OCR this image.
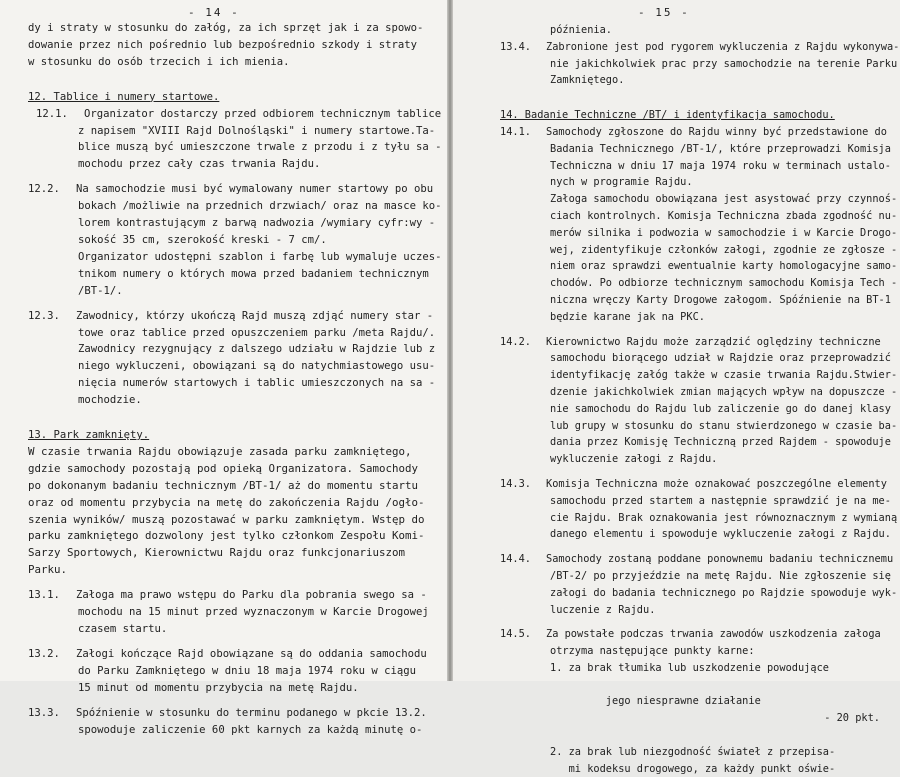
- 14 -
dy i straty w stosunku do załóg, za ich sprzęt jak i za spowo-
dowanie przez nich pośrednio lub bezpośrednio szkody i straty
w stosunku do osób trzecich i ich mienia.
12. Tablice i numery startowe.
12.1. Organizator dostarczy przed odbiorem technicznym tablice
z napisem "XVIII Rajd Dolnośląski" i numery startowe.Ta-
blice muszą być umieszczone trwale z przodu i z tyłu sa -
mochodu przez cały czas trwania Rajdu.
12.2. Na samochodzie musi być wymalowany numer startowy po obu
bokach /możliwie na przednich drzwiach/ oraz na masce ko-
lorem kontrastującym z barwą nadwozia /wymiary cyfr:wy -
sokość 35 cm, szerokość kreski - 7 cm/.
Organizator udostępni szablon i farbę lub wymaluje uczes-
tnikom numery o których mowa przed badaniem technicznym
/BT-1/.
12.3. Zawodnicy, którzy ukończą Rajd muszą zdjąć numery star -
towe oraz tablice przed opuszczeniem parku /meta Rajdu/.
Zawodnicy rezygnujący z dalszego udziału w Rajdzie lub z
niego wykluczeni, obowiązani są do natychmiastowego usu-
nięcia numerów startowych i tablic umieszczonych na sa -
mochodzie.
13. Park zamknięty.
W czasie trwania Rajdu obowiązuje zasada parku zamkniętego,
gdzie samochody pozostają pod opieką Organizatora. Samochody
po dokonanym badaniu technicznym /BT-1/ aż do momentu startu
oraz od momentu przybycia na metę do zakończenia Rajdu /ogło-
szenia wyników/ muszą pozostawać w parku zamkniętym. Wstęp do
parku zamkniętego dozwolony jest tylko członkom Zespołu Komi-
Sarzy Sportowych, Kierownictwu Rajdu oraz funkcjonariuszom
Parku.
13.1. Załoga ma prawo wstępu do Parku dla pobrania swego sa -
mochodu na 15 minut przed wyznaczonym w Karcie Drogowej
czasem startu.
13.2. Załogi kończące Rajd obowiązane są do oddania samochodu
do Parku Zamkniętego w dniu 18 maja 1974 roku w ciągu
15 minut od momentu przybycia na metę Rajdu.
13.3. Spóźnienie w stosunku do terminu podanego w pkcie 13.2.
spowoduje zaliczenie 60 pkt karnych za każdą minutę o-
- 15 -
późnienia.
13.4. Zabronione jest pod rygorem wykluczenia z Rajdu wykonywa-
nie jakichkolwiek prac przy samochodzie na terenie Parku
Zamkniętego.
14. Badanie Techniczne /BT/ i identyfikacja samochodu.
14.1. Samochody zgłoszone do Rajdu winny być przedstawione do
Badania Technicznego /BT-1/, które przeprowadzi Komisja
Techniczna w dniu 17 maja 1974 roku w terminach ustalo-
nych w programie Rajdu.
Załoga samochodu obowiązana jest asystować przy czynnoś-
ciach kontrolnych. Komisja Techniczna zbada zgodność nu-
merów silnika i podwozia w samochodzie i w Karcie Drogo-
wej, zidentyfikuje członków załogi, zgodnie ze zgłosze -
niem oraz sprawdzi ewentualnie karty homologacyjne samo-
chodów. Po odbiorze technicznym samochodu Komisja Tech -
niczna wręczy Karty Drogowe załogom. Spóźnienie na BT-1
będzie karane jak na PKC.
14.2. Kierownictwo Rajdu może zarządzić oględziny techniczne
samochodu biorącego udział w Rajdzie oraz przeprowadzić
identyfikację załóg także w czasie trwania Rajdu.Stwier-
dzenie jakichkolwiek zmian mających wpływ na dopuszcze -
nie samochodu do Rajdu lub zaliczenie go do danej klasy
lub grupy w stosunku do stanu stwierdzonego w czasie ba-
dania przez Komisję Techniczną przed Rajdem - spowoduje
wykluczenie załogi z Rajdu.
14.3. Komisja Techniczna może oznakować poszczególne elementy
samochodu przed startem a następnie sprawdzić je na me-
cie Rajdu. Brak oznakowania jest równoznacznym z wymianą
danego elementu i spowoduje wykluczenie załogi z Rajdu.
14.4. Samochody zostaną poddane ponownemu badaniu technicznemu
/BT-2/ po przyjeździe na metę Rajdu. Nie zgłoszenie się
załogi do badania technicznego po Rajdzie spowoduje wyk-
luczenie z Rajdu.
14.5. Za powstałe podczas trwania zawodów uszkodzenia załoga
otrzyma następujące punkty karne:
1. za brak tłumika lub uszkodzenie powodujące

jego niesprawne działanie

- 20 pkt.

2. za brak lub niezgodność świateł z przepisa-
mi kodeksu drogowego, za każdy punkt oświe-
